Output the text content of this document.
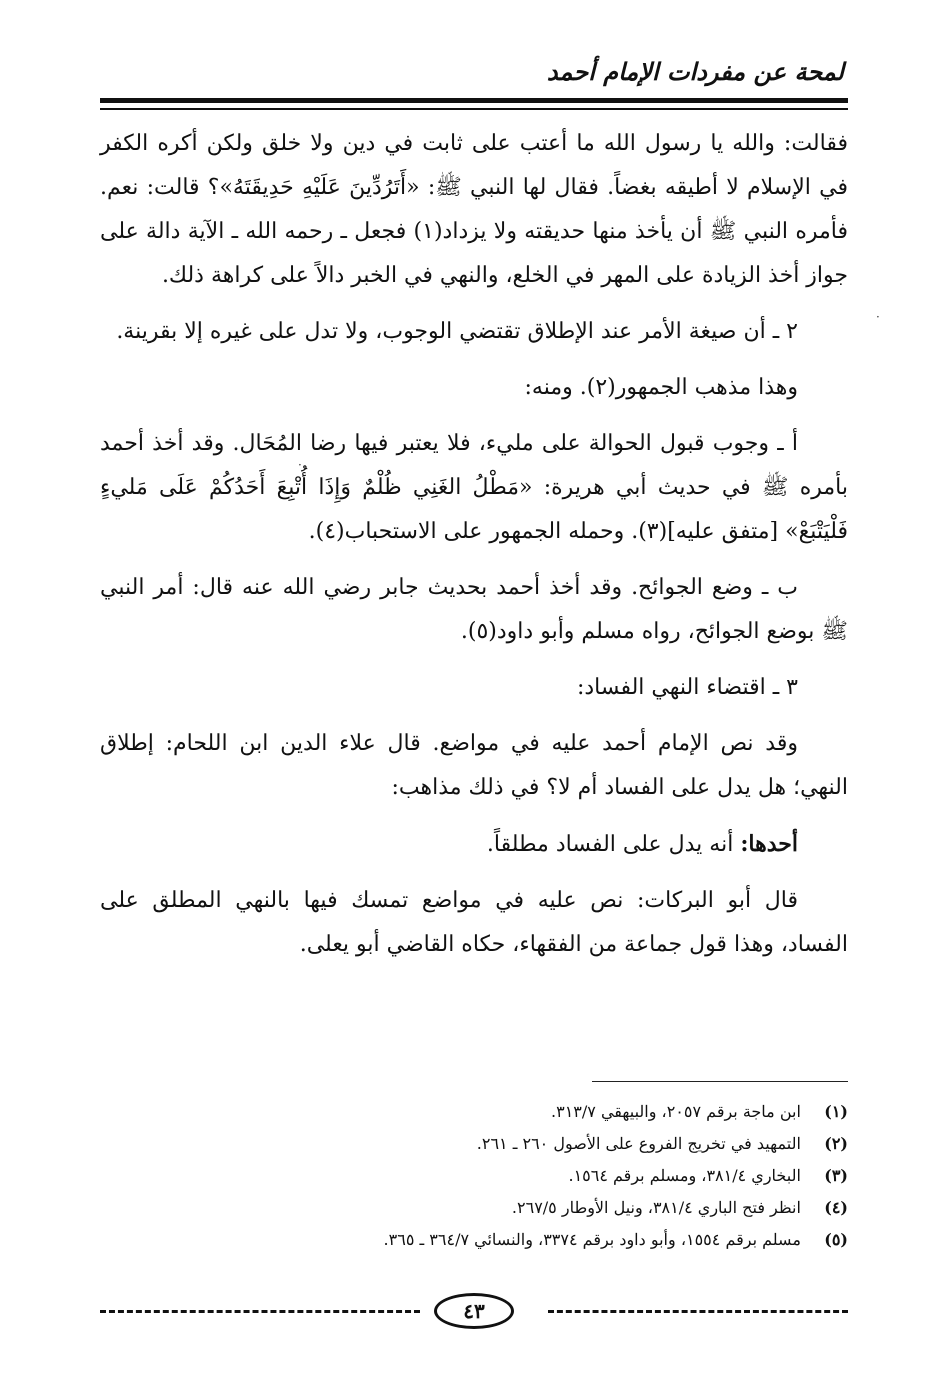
لمحة عن مفردات الإمام أحمد

فقالت: والله يا رسول الله ما أعتب على ثابت في دين ولا خلق ولكن أكره الكفر في الإسلام لا أطيقه بغضاً. فقال لها النبي ﷺ: «أَتَرُدِّينَ عَلَيْهِ حَدِيقَتَهُ»؟ قالت: نعم. فأمره النبي ﷺ أن يأخذ منها حديقته ولا يزداد(١) فجعل ـ رحمه الله ـ الآية دالة على جواز أخذ الزيادة على المهر في الخلع، والنهي في الخبر دالاً على كراهة ذلك.

٢ ـ أن صيغة الأمر عند الإطلاق تقتضي الوجوب، ولا تدل على غيره إلا بقرينة.

وهذا مذهب الجمهور(٢). ومنه:

أ ـ وجوب قبول الحوالة على مليء، فلا يعتبر فيها رضا المُحَال. وقد أخذ أحمد بأمره ﷺ في حديث أبي هريرة: «مَطْلُ الغَنِي ظُلْمٌ وَإِذَا أُتْبِعَ أَحَدُكُمْ عَلَى مَليءٍ فَلْيَتْبَعْ» [متفق عليه](٣). وحمله الجمهور على الاستحباب(٤).

ب ـ وضع الجوائح. وقد أخذ أحمد بحديث جابر رضي الله عنه قال: أمر النبي ﷺ بوضع الجوائح، رواه مسلم وأبو داود(٥).

٣ ـ اقتضاء النهي الفساد:

وقد نص الإمام أحمد عليه في مواضع. قال علاء الدين ابن اللحام: إطلاق النهي؛ هل يدل على الفساد أم لا؟ في ذلك مذاهب:

أحدها: أنه يدل على الفساد مطلقاً.

قال أبو البركات: نص عليه في مواضع تمسك فيها بالنهي المطلق على الفساد، وهذا قول جماعة من الفقهاء، حكاه القاضي أبو يعلى.

(١) ابن ماجة برقم ٢٠٥٧، والبيهقي ٣١٣/٧.
(٢) التمهيد في تخريج الفروع على الأصول ٢٦٠ ـ ٢٦١.
(٣) البخاري ٣٨١/٤، ومسلم برقم ١٥٦٤.
(٤) انظر فتح الباري ٣٨١/٤، ونيل الأوطار ٢٦٧/٥.
(٥) مسلم برقم ١٥٥٤، وأبو داود برقم ٣٣٧٤، والنسائي ٣٦٤/٧ ـ ٣٦٥.
٤٣
·
·
